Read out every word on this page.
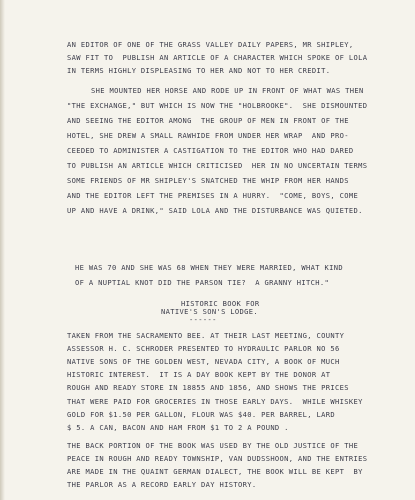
AN EDITOR OF ONE OF THE GRASS VALLEY DAILY PAPERS, MR SHIPLEY,
SAW FIT TO  PUBLISH AN ARTICLE OF A CHARACTER WHICH SPOKE OF LOLA
IN TERMS HIGHLY DISPLEASING TO HER AND NOT TO HER CREDIT.
SHE MOUNTED HER HORSE AND RODE UP IN FRONT OF WHAT WAS THEN
"THE EXCHANGE," BUT WHICH IS NOW THE "HOLBROOKE".  SHE DISMOUNTED
AND SEEING THE EDITOR AMONG  THE GROUP OF MEN IN FRONT OF THE
HOTEL, SHE DREW A SMALL RAWHIDE FROM UNDER HER WRAP  AND PRO-
CEEDED TO ADMINISTER A CASTIGATION TO THE EDITOR WHO HAD DARED
TO PUBLISH AN ARTICLE WHICH CRITICISED  HER IN NO UNCERTAIN TERMS
SOME FRIENDS OF MR SHIPLEY'S SNATCHED THE WHIP FROM HER HANDS
AND THE EDITOR LEFT THE PREMISES IN A HURRY.  "COME, BOYS, COME
UP AND HAVE A DRINK," SAID LOLA AND THE DISTURBANCE WAS QUIETED.
HE WAS 70 AND SHE WAS 68 WHEN THEY WERE MARRIED, WHAT KIND
OF A NUPTIAL KNOT DID THE PARSON TIE?  A GRANNY HITCH."
HISTORIC BOOK FOR
NATIVE'S SON'S LODGE.
------
TAKEN FROM THE SACRAMENTO BEE. AT THEIR LAST MEETING, COUNTY
ASSESSOR H. C. SCHRODER PRESENTED TO HYDRAULIC PARLOR NO 56
NATIVE SONS OF THE GOLDEN WEST, NEVADA CITY, A BOOK OF MUCH
HISTORIC INTEREST.  IT IS A DAY BOOK KEPT BY THE DONOR AT
ROUGH AND READY STORE IN 18855 AND 1856, AND SHOWS THE PRICES
THAT WERE PAID FOR GROCERIES IN THOSE EARLY DAYS.  WHILE WHISKEY
GOLD FOR $1.50 PER GALLON, FLOUR WAS $40. PER BARREL, LARD
$ 5. A CAN, BACON AND HAM FROM $1 TO 2 A POUND .
THE BACK PORTION OF THE BOOK WAS USED BY THE OLD JUSTICE OF THE
PEACE IN ROUGH AND READY TOWNSHIP, VAN DUDSSHOON, AND THE ENTRIES
ARE MADE IN THE QUAINT GERMAN DIALECT, THE BOOK WILL BE KEPT  BY
THE PARLOR AS A RECORD EARLY DAY HISTORY.
